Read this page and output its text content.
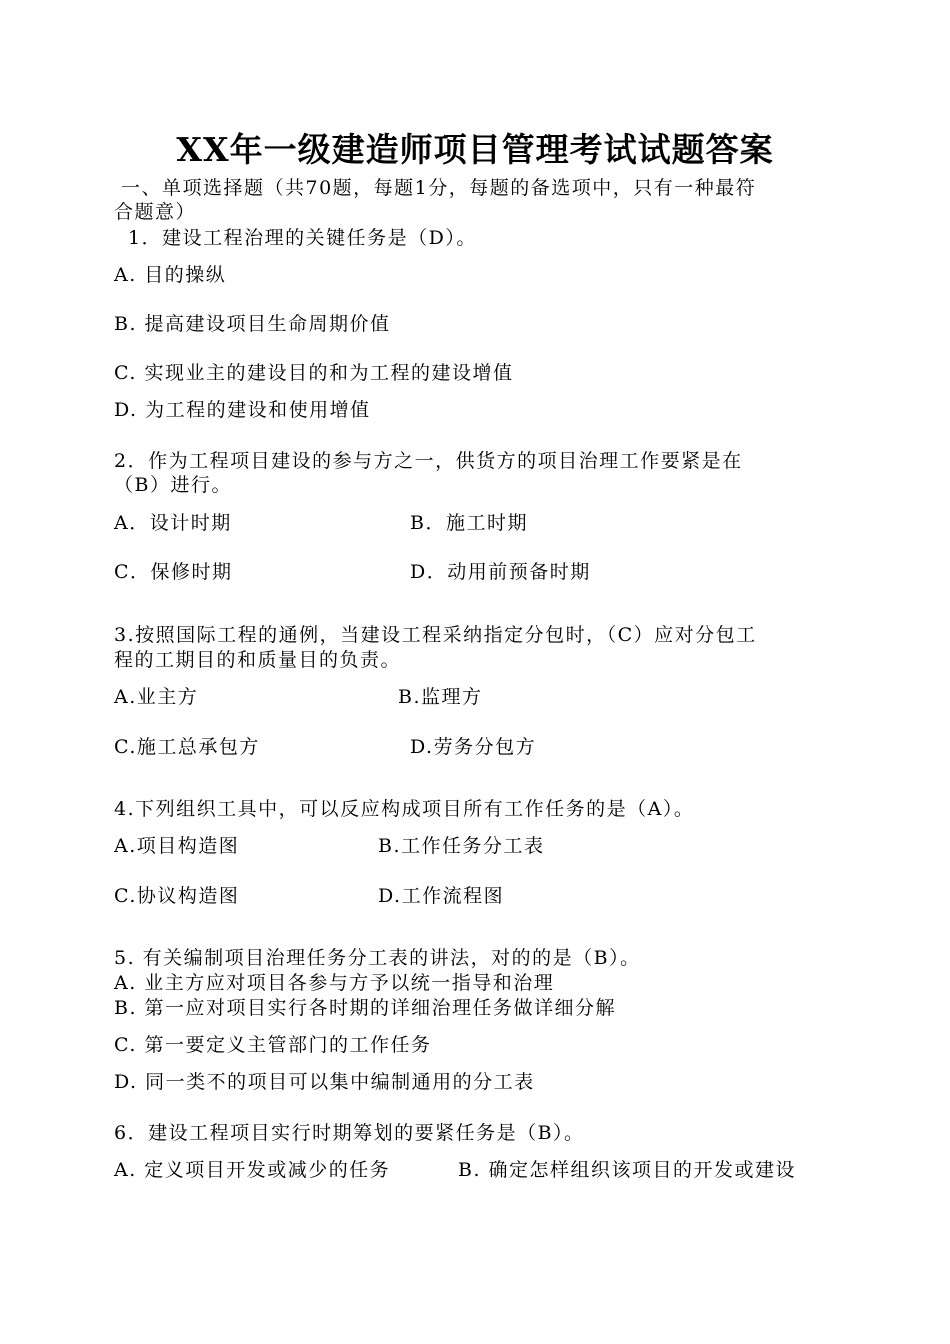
XX年一级建造师项目管理考试试题答案
一、单项选择题（共70题，每题1分，每题的备选项中，只有一种最符
合题意）
1．建设工程治理的关键任务是（D）。
A. 目的操纵
B. 提高建设项目生命周期价值
C. 实现业主的建设目的和为工程的建设增值
D. 为工程的建设和使用增值
2．作为工程项目建设的参与方之一，供货方的项目治理工作要紧是在
（B）进行。
A．设计时期	B．施工时期
C．保修时期	D．动用前预备时期
3.按照国际工程的通例，当建设工程采纳指定分包时，（C）应对分包工
程的工期目的和质量目的负责。
A.业主方	B.监理方
C.施工总承包方	D.劳务分包方
4.下列组织工具中，可以反应构成项目所有工作任务的是（A）。
A.项目构造图	B.工作任务分工表
C.协议构造图	D.工作流程图
5. 有关编制项目治理任务分工表的讲法，对的的是（B）。
A. 业主方应对项目各参与方予以统一指导和治理
B. 第一应对项目实行各时期的详细治理任务做详细分解
C. 第一要定义主管部门的工作任务
D. 同一类不的项目可以集中编制通用的分工表
6．建设工程项目实行时期筹划的要紧任务是（B）。
A. 定义项目开发或减少的任务	B. 确定怎样组织该项目的开发或建设
